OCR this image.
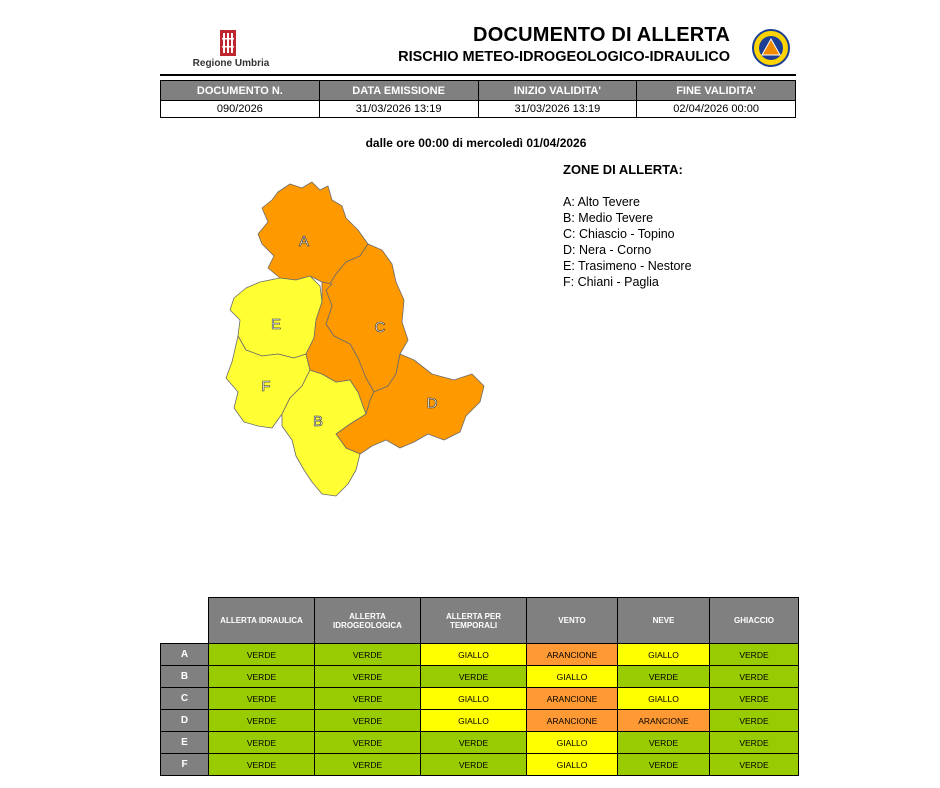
Regione Umbria
DOCUMENTO DI ALLERTA
RISCHIO METEO-IDROGEOLOGICO-IDRAULICO
DOCUMENTO N.	DATA EMISSIONE	INIZIO VALIDITA'	FINE VALIDITA'
090/2026	31/03/2026 13:19	31/03/2026 13:19	02/04/2026 00:00
dalle ore 00:00 di mercoledì 01/04/2026
A
B
C
D
E
F
ZONE DI ALLERTA:
A: Alto Tevere
B: Medio Tevere
C: Chiascio - Topino
D: Nera - Corno
E: Trasimeno - Nestore
F: Chiani - Paglia
	ALLERTA IDRAULICA	ALLERTA IDROGEOLOGICA	ALLERTA PER TEMPORALI	VENTO	NEVE	GHIACCIO
A	VERDE	VERDE	GIALLO	ARANCIONE	GIALLO	VERDE
B	VERDE	VERDE	VERDE	GIALLO	VERDE	VERDE
C	VERDE	VERDE	GIALLO	ARANCIONE	GIALLO	VERDE
D	VERDE	VERDE	GIALLO	ARANCIONE	ARANCIONE	VERDE
E	VERDE	VERDE	VERDE	GIALLO	VERDE	VERDE
F	VERDE	VERDE	VERDE	GIALLO	VERDE	VERDE
